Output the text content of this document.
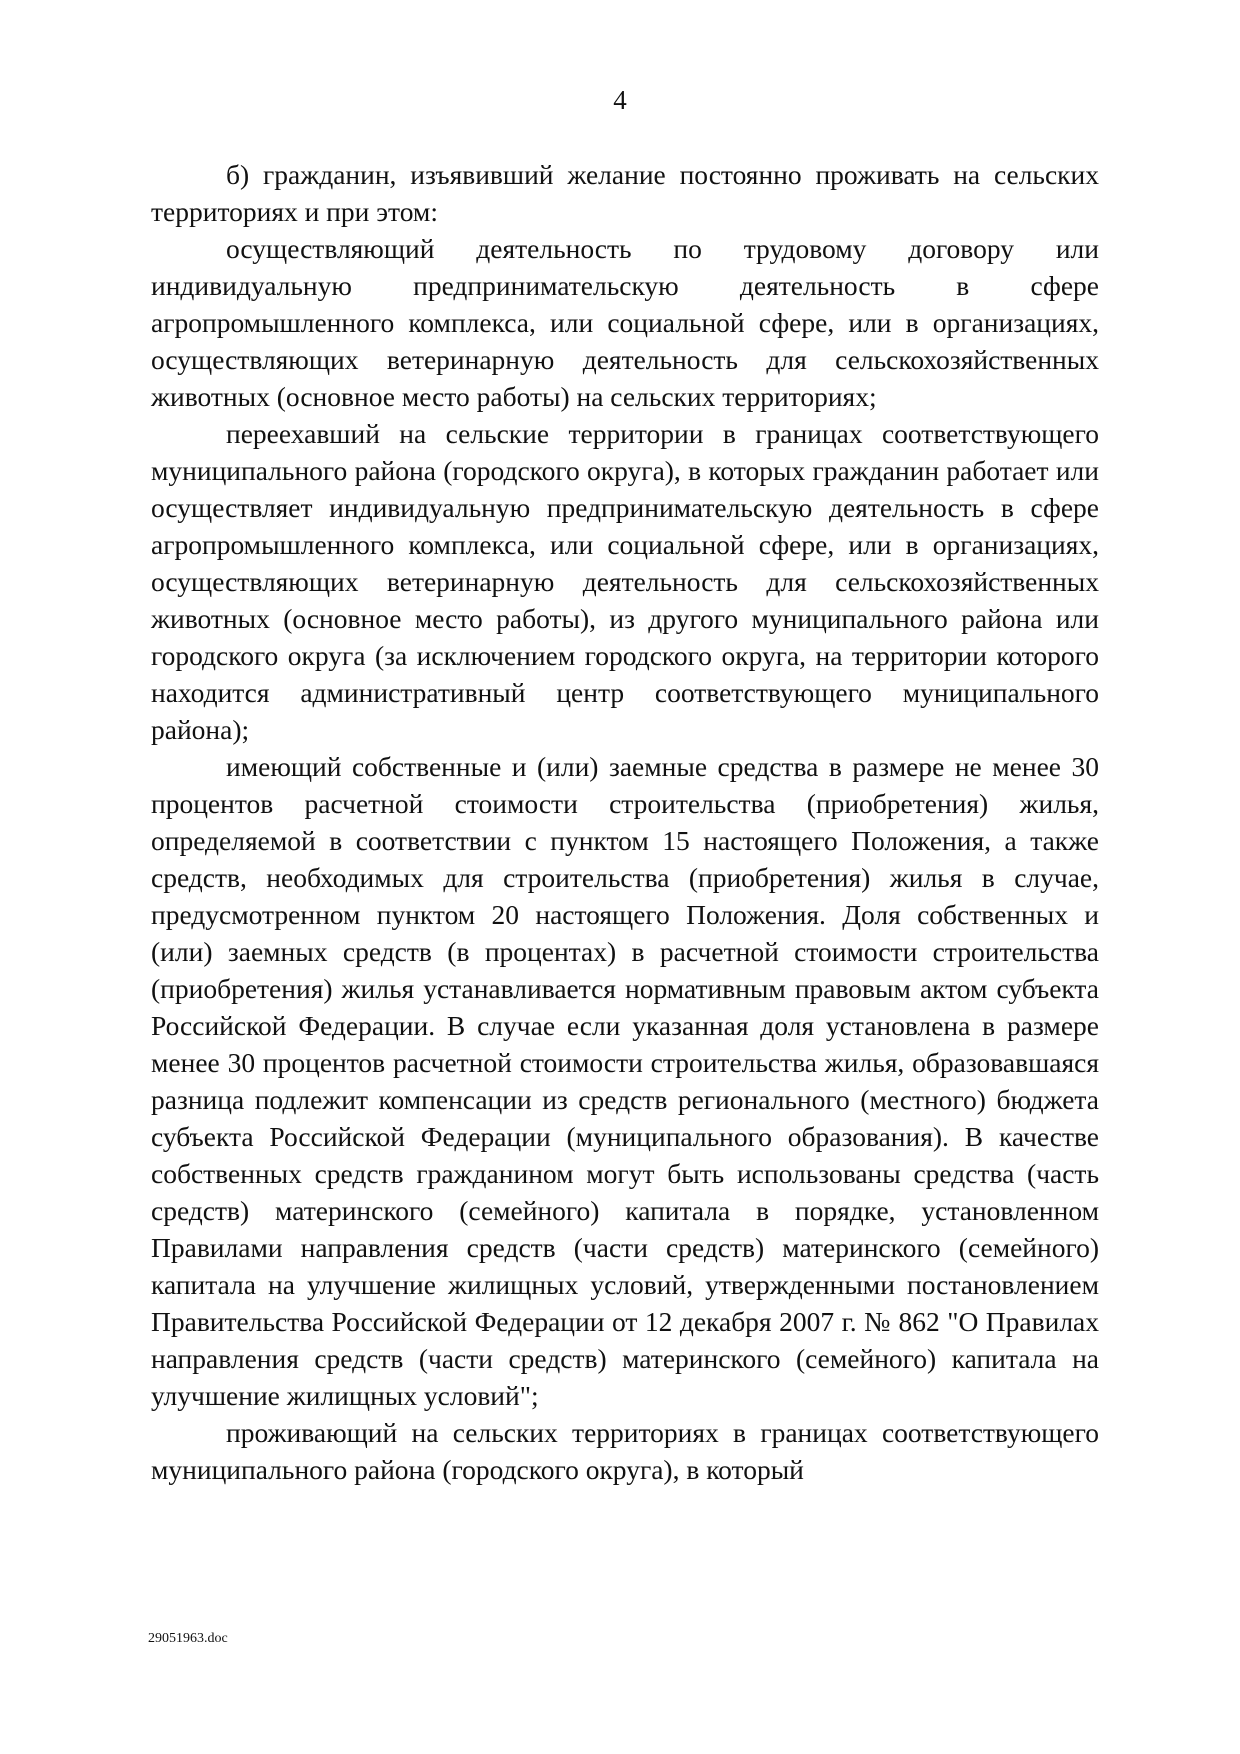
4

б) гражданин, изъявивший желание постоянно проживать на сельских территориях и при этом:

осуществляющий деятельность по трудовому договору или индивидуальную предпринимательскую деятельность в сфере агропромышленного комплекса, или социальной сфере, или в организациях, осуществляющих ветеринарную деятельность для сельскохозяйственных животных (основное место работы) на сельских территориях;

переехавший на сельские территории в границах соответствующего муниципального района (городского округа), в которых гражданин работает или осуществляет индивидуальную предпринимательскую деятельность в сфере агропромышленного комплекса, или социальной сфере, или в организациях, осуществляющих ветеринарную деятельность для сельскохозяйственных животных (основное место работы), из другого муниципального района или городского округа (за исключением городского округа, на территории которого находится административный центр соответствующего муниципального района);

имеющий собственные и (или) заемные средства в размере не менее 30 процентов расчетной стоимости строительства (приобретения) жилья, определяемой в соответствии с пунктом 15 настоящего Положения, а также средств, необходимых для строительства (приобретения) жилья в случае, предусмотренном пунктом 20 настоящего Положения. Доля собственных и (или) заемных средств (в процентах) в расчетной стоимости строительства (приобретения) жилья устанавливается нормативным правовым актом субъекта Российской Федерации. В случае если указанная доля установлена в размере менее 30 процентов расчетной стоимости строительства жилья, образовавшаяся разница подлежит компенсации из средств регионального (местного) бюджета субъекта Российской Федерации (муниципального образования). В качестве собственных средств гражданином могут быть использованы средства (часть средств) материнского (семейного) капитала в порядке, установленном Правилами направления средств (части средств) материнского (семейного) капитала на улучшение жилищных условий, утвержденными постановлением Правительства Российской Федерации от 12 декабря 2007 г. № 862 "О Правилах направления средств (части средств) материнского (семейного) капитала на улучшение жилищных условий";

проживающий на сельских территориях в границах соответствующего муниципального района (городского округа), в который

29051963.doc
